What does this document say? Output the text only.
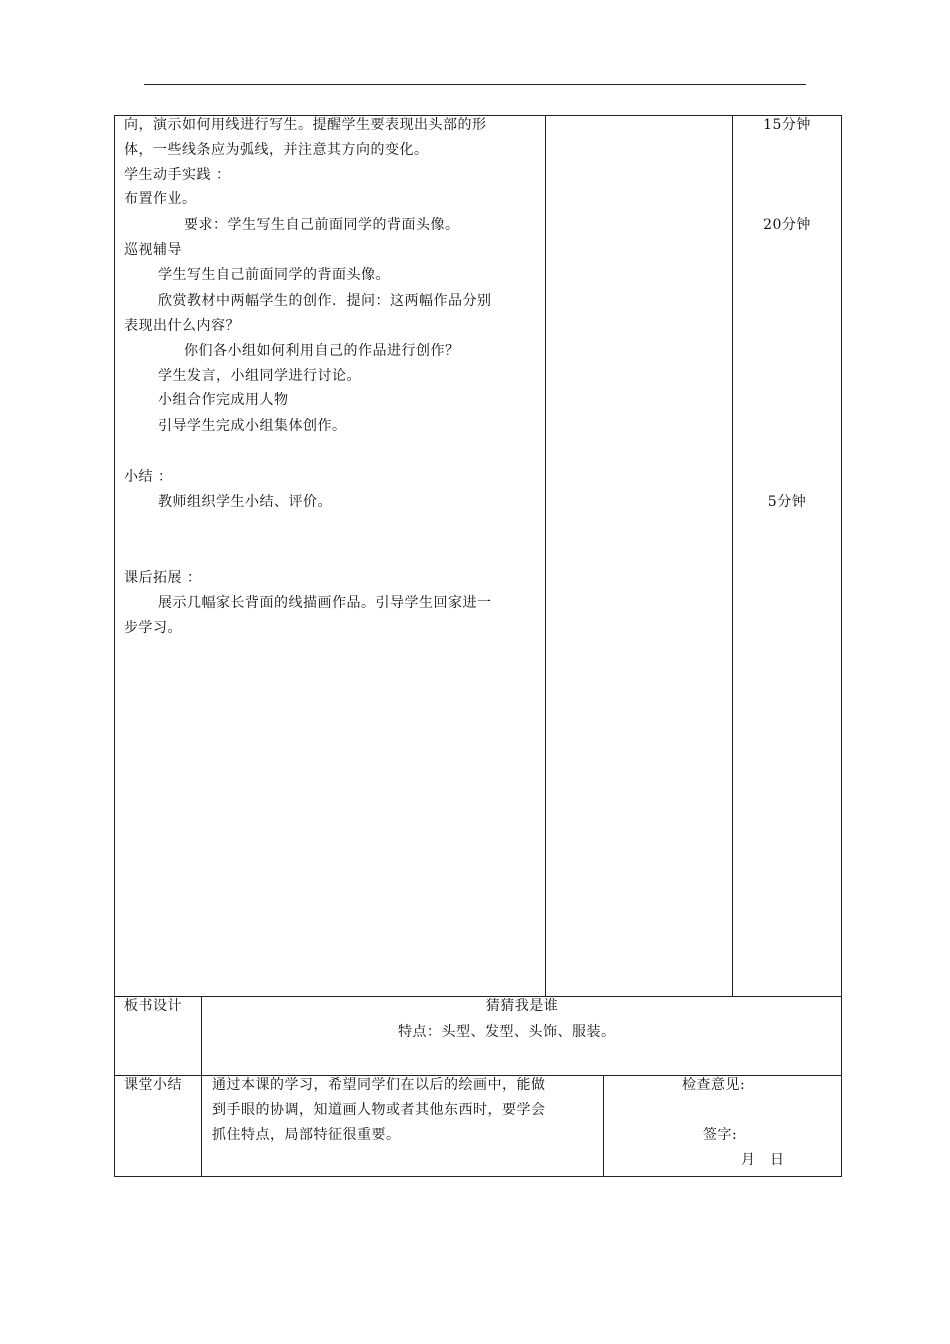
向，演示如何用线进行写生。提醒学生要表现出头部的形
体，一些线条应为弧线，并注意其方向的变化。
学生动手实践 ：
布置作业。
要求：学生写生自己前面同学的背面头像。
巡视辅导
学生写生自己前面同学的背面头像。
欣赏教材中两幅学生的创作．提问：这两幅作品分别
表现出什么内容？
你们各小组如何利用自己的作品进行创作？
学生发言，小组同学进行讨论。
小组合作完成用人物
引导学生完成小组集体创作。
小结 ：
教师组织学生小结、评价。
课后拓展 ：
展示几幅家长背面的线描画作品。引导学生回家进一
步学习。
15分钟
20分钟
5分钟
板书设计	猜猜我是谁
特点：头型、发型、头饰、服装。
课堂小结 通过本课的学习，希望同学们在以后的绘画中，能做
到手眼的协调，知道画人物或者其他东西时，要学会
抓住特点，局部特征很重要。
检查意见:
签字:
月　日
